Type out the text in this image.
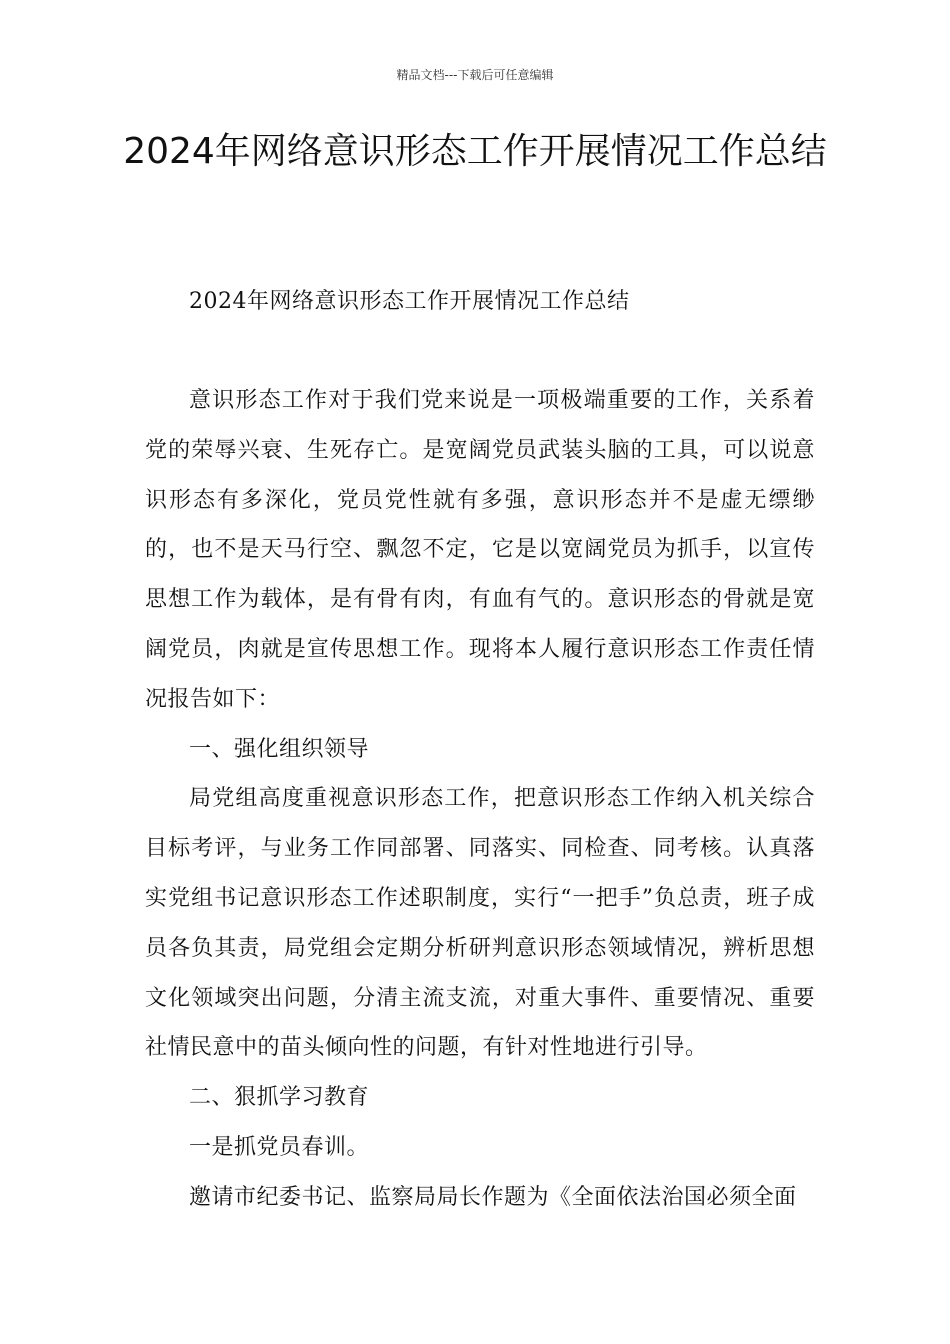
精品文档---下载后可任意编辑
2024年网络意识形态工作开展情况工作总结

2024年网络意识形态工作开展情况工作总结

意识形态工作对于我们党来说是一项极端重要的工作，关系着党的荣辱兴衰、生死存亡。是宽阔党员武装头脑的工具，可以说意识形态有多深化，党员党性就有多强，意识形态并不是虚无缥缈的，也不是天马行空、飘忽不定，它是以宽阔党员为抓手，以宣传思想工作为载体，是有骨有肉，有血有气的。意识形态的骨就是宽阔党员，肉就是宣传思想工作。现将本人履行意识形态工作责任情况报告如下：

一、强化组织领导

局党组高度重视意识形态工作，把意识形态工作纳入机关综合目标考评，与业务工作同部署、同落实、同检查、同考核。认真落实党组书记意识形态工作述职制度，实行“一把手”负总责，班子成员各负其责，局党组会定期分析研判意识形态领域情况，辨析思想文化领域突出问题，分清主流支流，对重大事件、重要情况、重要社情民意中的苗头倾向性的问题，有针对性地进行引导。

二、狠抓学习教育

一是抓党员春训。

邀请市纪委书记、监察局局长作题为《全面依法治国必须全面
